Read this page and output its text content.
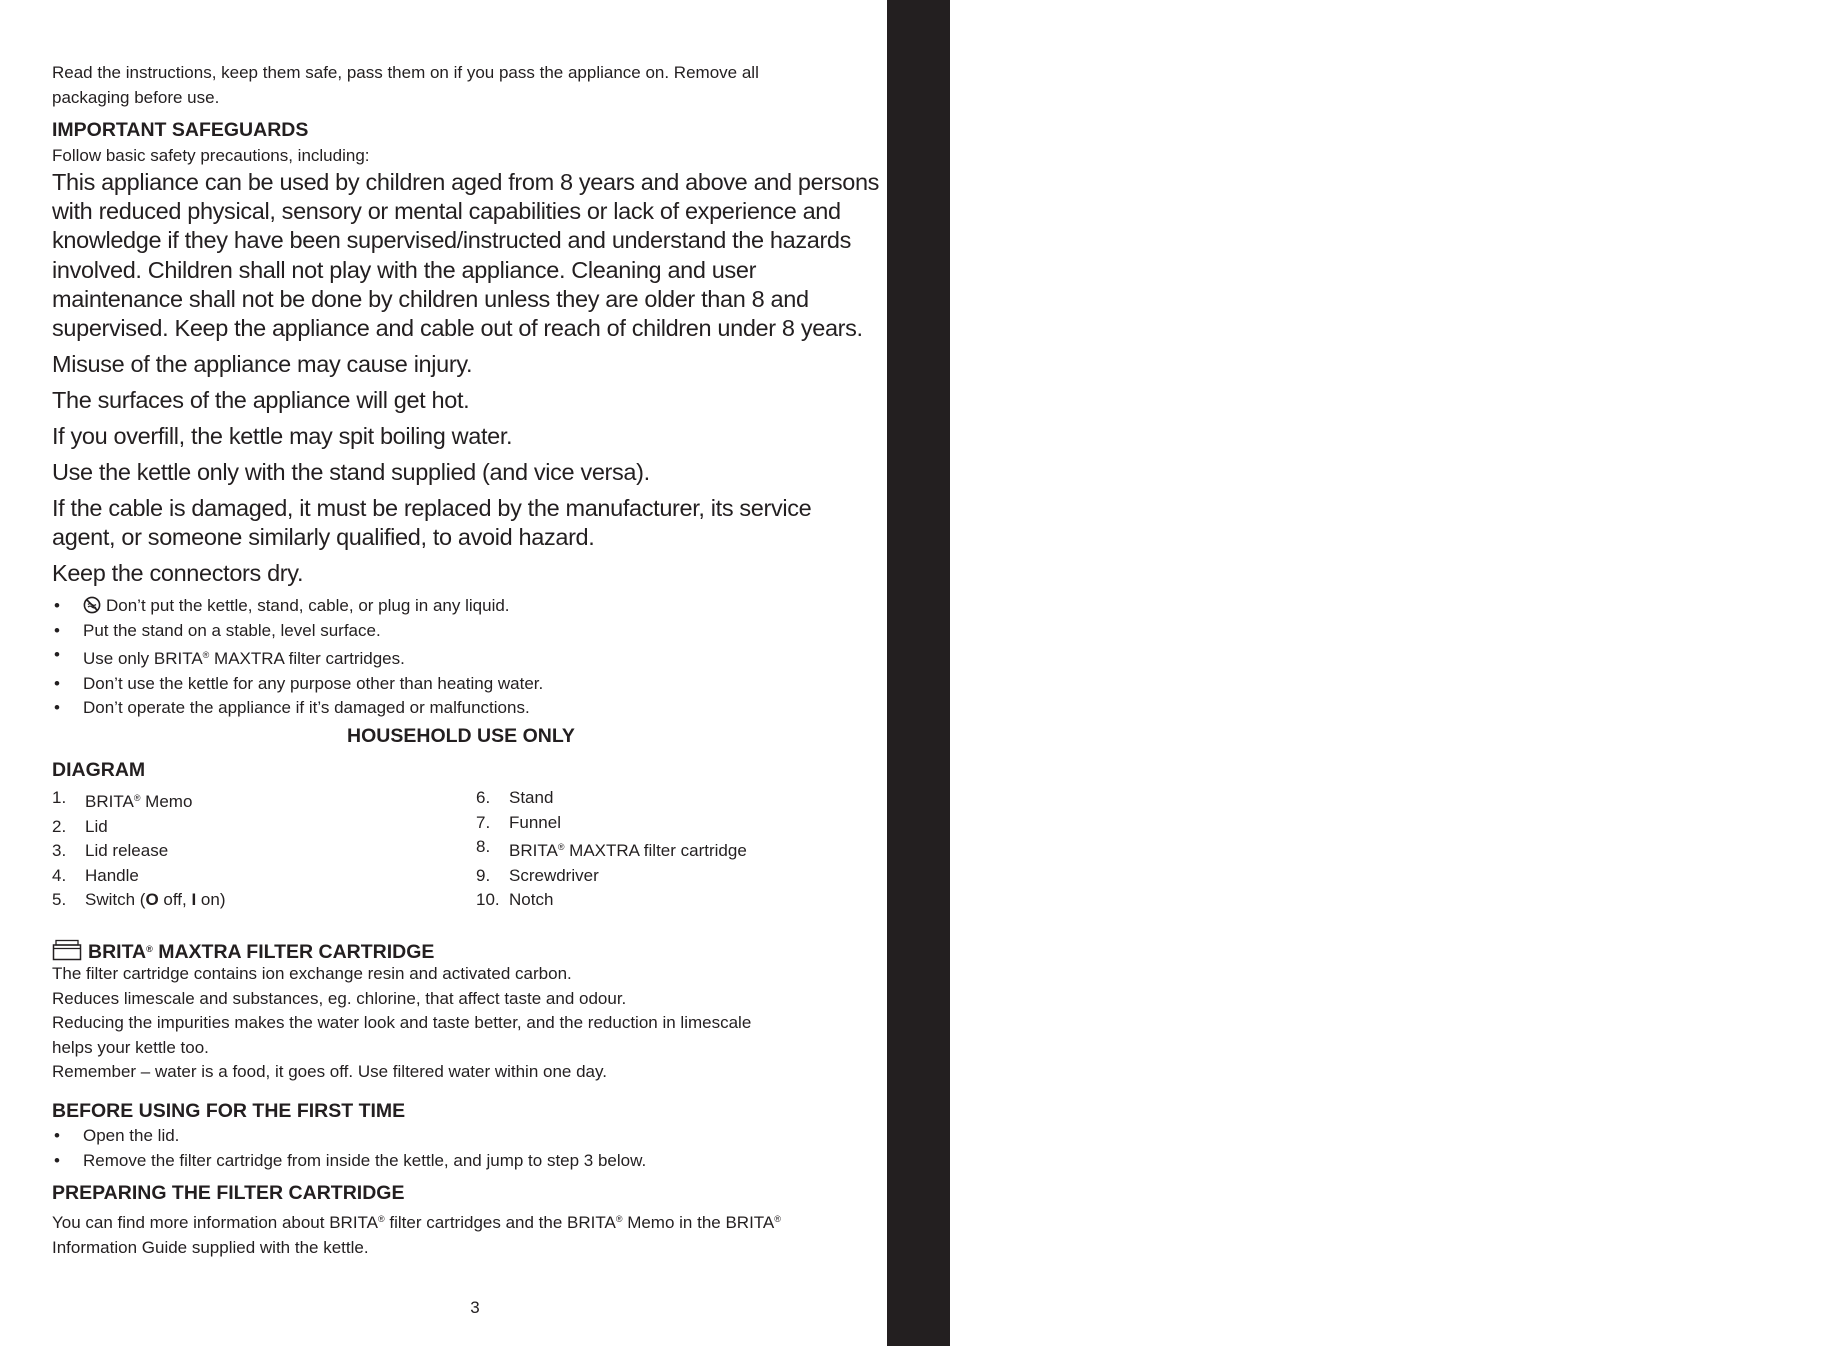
instructions
Read the instructions, keep them safe, pass them on if you pass the appliance on. Remove all
packaging before use.
IMPORTANT SAFEGUARDS
Follow basic safety precautions, including:
This appliance can be used by children aged from 8 years and above and persons
with reduced physical, sensory or mental capabilities or lack of experience and
knowledge if they have been supervised/instructed and understand the hazards
involved. Children shall not play with the appliance. Cleaning and user
maintenance shall not be done by children unless they are older than 8 and
supervised. Keep the appliance and cable out of reach of children under 8 years.
Misuse of the appliance may cause injury.
The surfaces of the appliance will get hot.
If you overfill, the kettle may spit boiling water.
Use the kettle only with the stand supplied (and vice versa).
If the cable is damaged, it must be replaced by the manufacturer, its service
agent, or someone similarly qualified, to avoid hazard.
Keep the connectors dry.
• Don’t put the kettle, stand, cable, or plug in any liquid.
• Put the stand on a stable, level surface.
• Use only BRITA® MAXTRA filter cartridges.
• Don’t use the kettle for any purpose other than heating water.
• Don’t operate the appliance if it’s damaged or malfunctions.
HOUSEHOLD USE ONLY
DIAGRAM
1.	BRITA® Memo
2.	Lid
3.	Lid release
4.	Handle
5.	Switch (O off, I on)
6.	Stand
7.	Funnel
8.	BRITA® MAXTRA filter cartridge
9.	Screwdriver
10. Notch
BRITA® MAXTRA FILTER CARTRIDGE
The filter cartridge contains ion exchange resin and activated carbon.
Reduces limescale and substances, eg. chlorine, that affect taste and odour.
Reducing the impurities makes the water look and taste better, and the reduction in limescale
helps your kettle too.
Remember – water is a food, it goes off. Use filtered water within one day.
BEFORE USING FOR THE FIRST TIME
• Open the lid.
• Remove the filter cartridge from inside the kettle, and jump to step 3 below.
PREPARING THE FILTER CARTRIDGE
You can find more information about BRITA® filter cartridges and the BRITA® Memo in the BRITA®
Information Guide supplied with the kettle.
3
